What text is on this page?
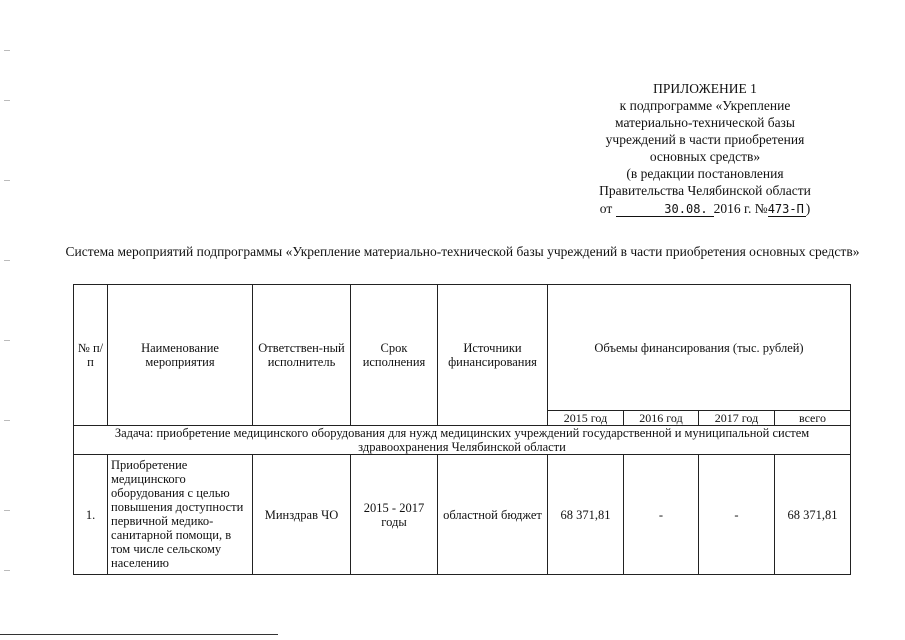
ПРИЛОЖЕНИЕ 1
к подпрограмме «Укрепление
материально-технической базы
учреждений в части приобретения
основных средств»
(в редакции постановления
Правительства Челябинской области
от	30.08. 2016 г. №473-П )
Система мероприятий подпрограммы «Укрепление материально-технической базы учреждений в части приобретения основных средств»
№ п/п	Наименование мероприятия	Ответствен-ный исполнитель	Срок исполнения	Источники финансирования	Объемы финансирования (тыс. рублей)			
					2015 год	2016 год	2017 год	всего
Задача: приобретение медицинского оборудования для нужд медицинских учреждений государственной и муниципальной систем здравоохранения Челябинской области								
1.	Приобретение медицинского оборудования с целью повышения доступности первичной медико-санитарной помощи, в том числе сельскому населению	Минздрав ЧО	2015 - 2017 годы	областной бюджет	68 371,81	-	-	68 371,81
